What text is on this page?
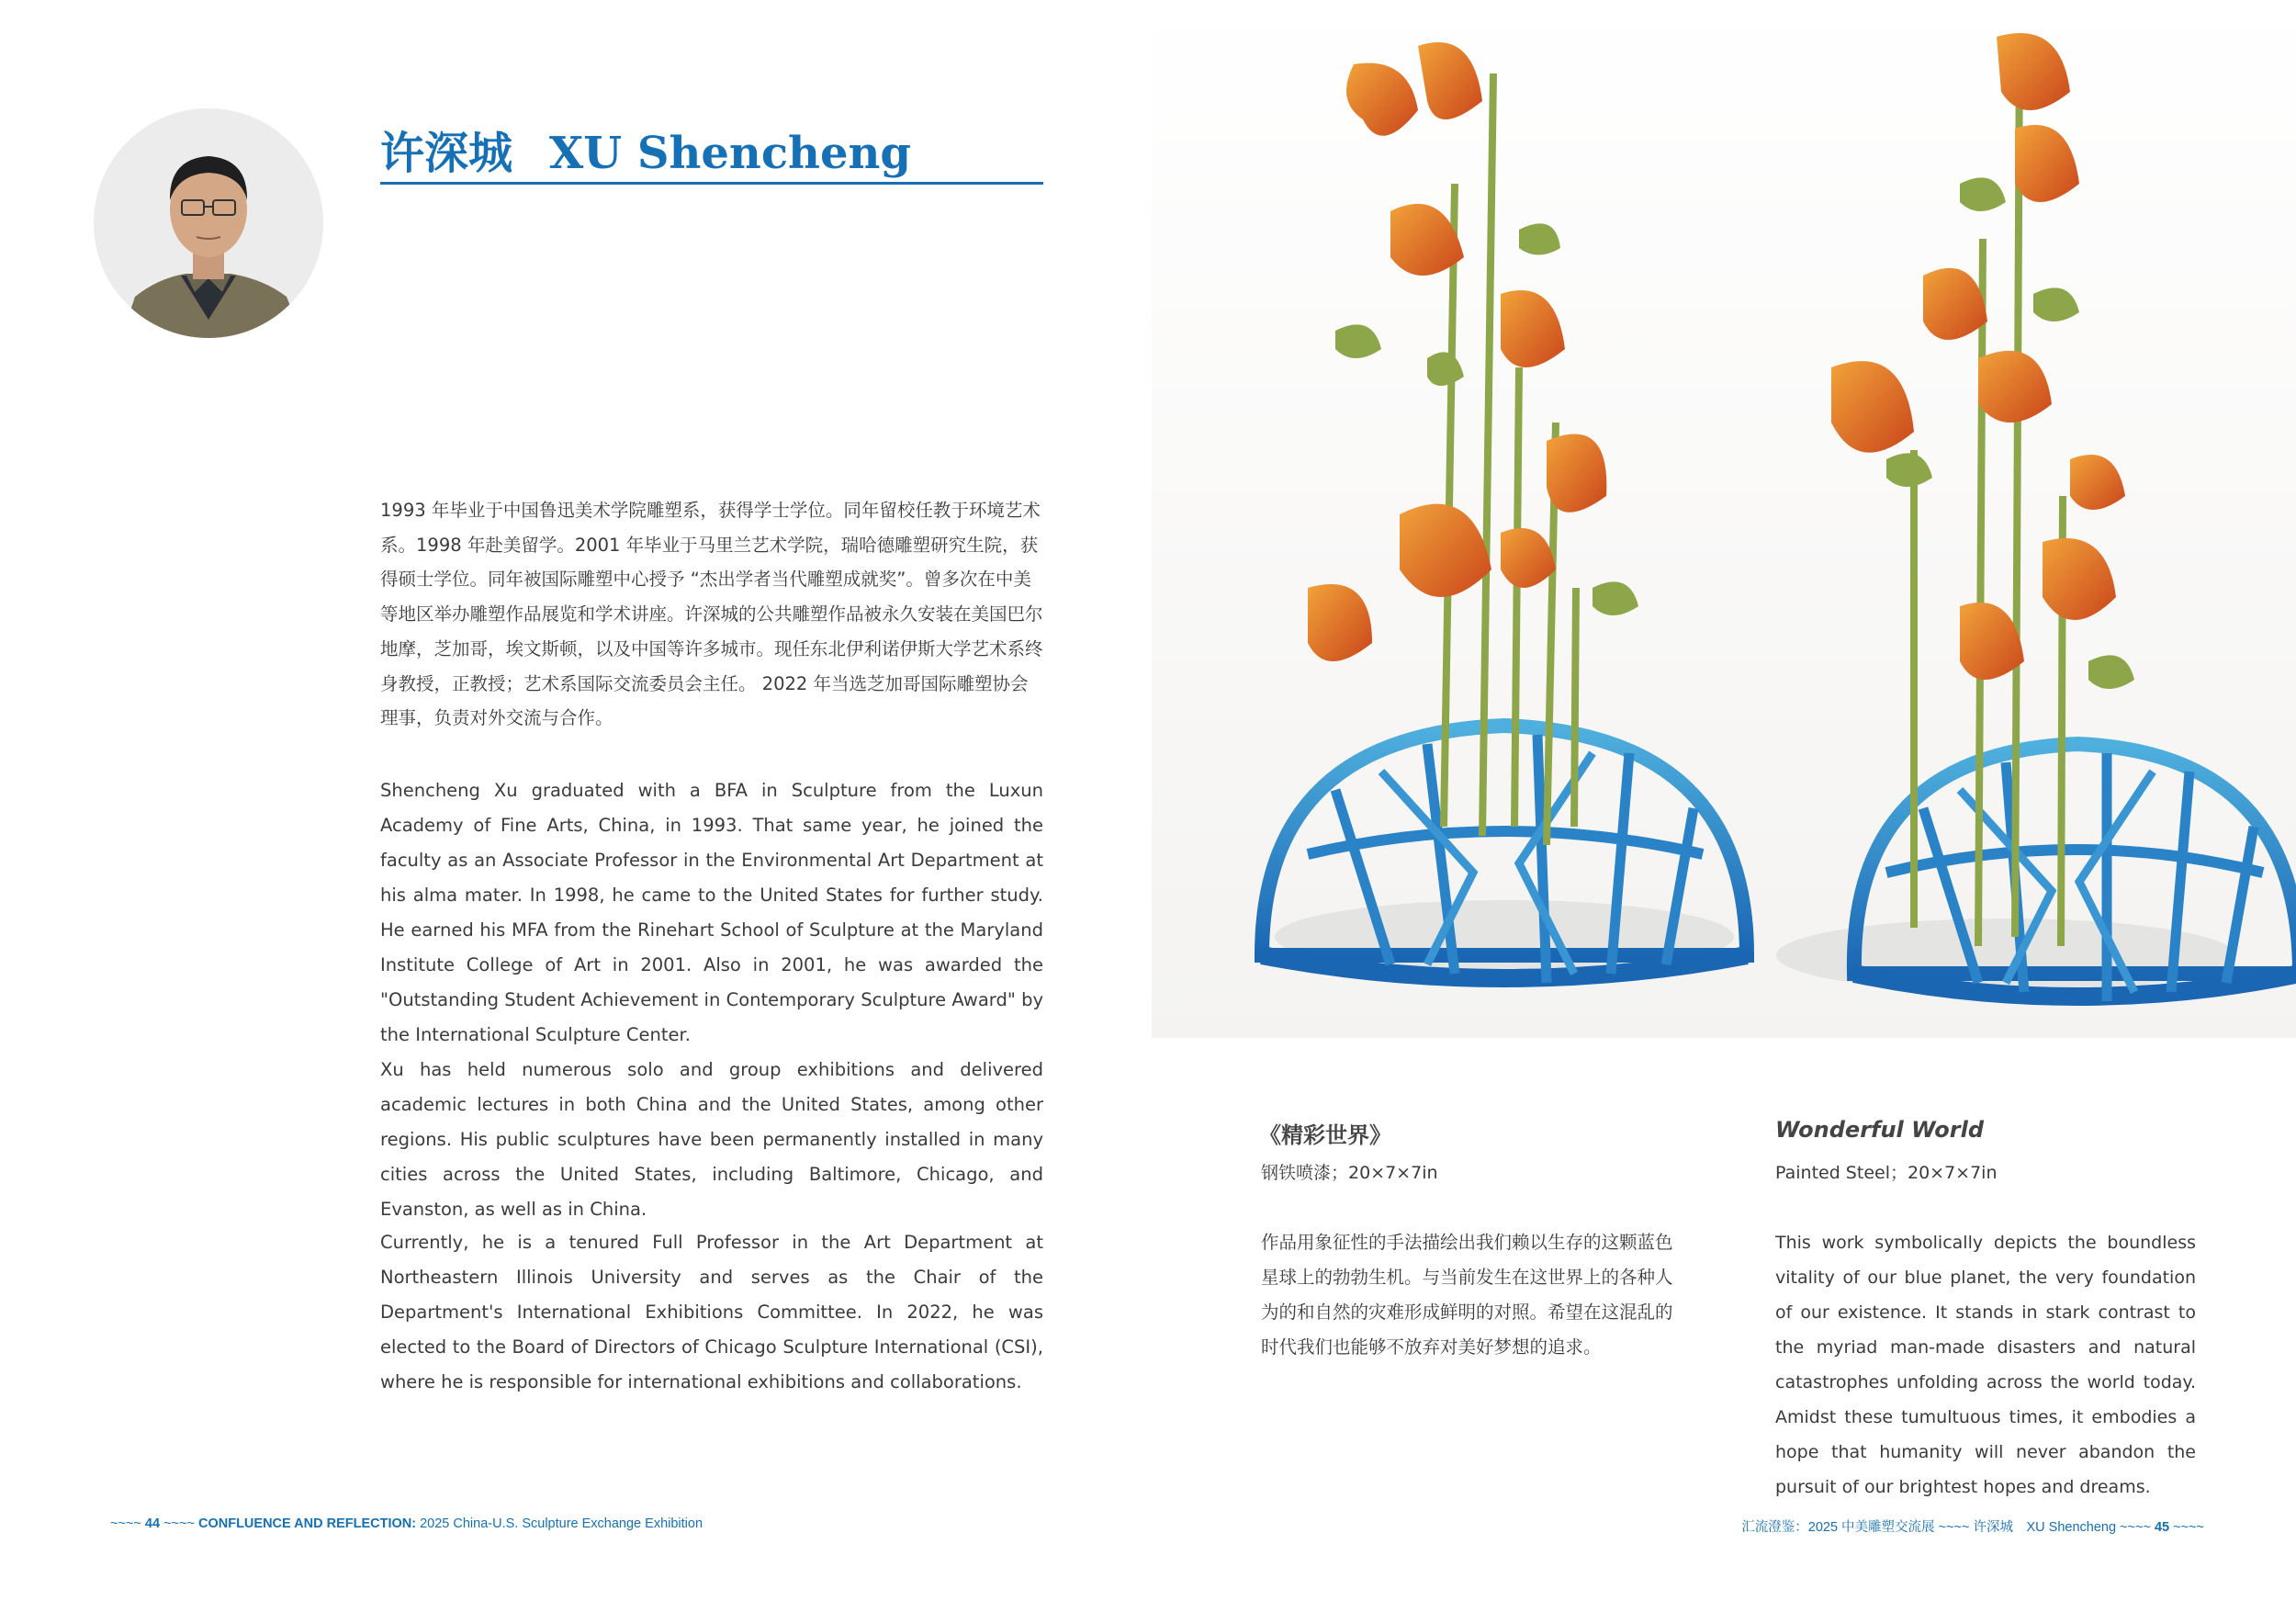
许深城 XU Shencheng

1993 年毕业于中国鲁迅美术学院雕塑系，获得学士学位。同年留校任教于环境艺术系。1998 年赴美留学。2001 年毕业于马里兰艺术学院，瑞哈德雕塑研究生院，获得硕士学位。同年被国际雕塑中心授予 “杰出学者当代雕塑成就奖”。曾多次在中美等地区举办雕塑作品展览和学术讲座。许深城的公共雕塑作品被永久安装在美国巴尔地摩，芝加哥，埃文斯顿，以及中国等许多城市。现任东北伊利诺伊斯大学艺术系终身教授，正教授；艺术系国际交流委员会主任。 2022 年当选芝加哥国际雕塑协会理事，负责对外交流与合作。

Shencheng Xu graduated with a BFA in Sculpture from the Luxun Academy of Fine Arts, China, in 1993. That same year, he joined the faculty as an Associate Professor in the Environmental Art Department at his alma mater. In 1998, he came to the United States for further study. He earned his MFA from the Rinehart School of Sculpture at the Maryland Institute College of Art in 2001. Also in 2001, he was awarded the "Outstanding Student Achievement in Contemporary Sculpture Award" by the International Sculpture Center.

Xu has held numerous solo and group exhibitions and delivered academic lectures in both China and the United States, among other regions. His public sculptures have been permanently installed in many cities across the United States, including Baltimore, Chicago, and Evanston, as well as in China.

Currently, he is a tenured Full Professor in the Art Department at Northeastern Illinois University and serves as the Chair of the Department's International Exhibitions Committee. In 2022, he was elected to the Board of Directors of Chicago Sculpture International (CSI), where he is responsible for international exhibitions and collaborations.

~~~~ 44 ~~~~ CONFLUENCE AND REFLECTION: 2025 China-U.S. Sculpture Exchange Exhibition
《精彩世界》	Wonderful World

钢铁喷漆；20×7×7in	Painted Steel；20×7×7in

作品用象征性的手法描绘出我们赖以生存的这颗蓝色星球上的勃勃生机。与当前发生在这世界上的各种人为的和自然的灾难形成鲜明的对照。希望在这混乱的时代我们也能够不放弃对美好梦想的追求。

This work symbolically depicts the boundless vitality of our blue planet, the very foundation of our existence. It stands in stark contrast to the myriad man-made disasters and natural catastrophes unfolding across the world today. Amidst these tumultuous times, it embodies a hope that humanity will never abandon the pursuit of our brightest hopes and dreams.

汇流澄鉴：2025 中美雕塑交流展 ~~~~ 许深城　XU Shencheng ~~~~ 45 ~~~~
